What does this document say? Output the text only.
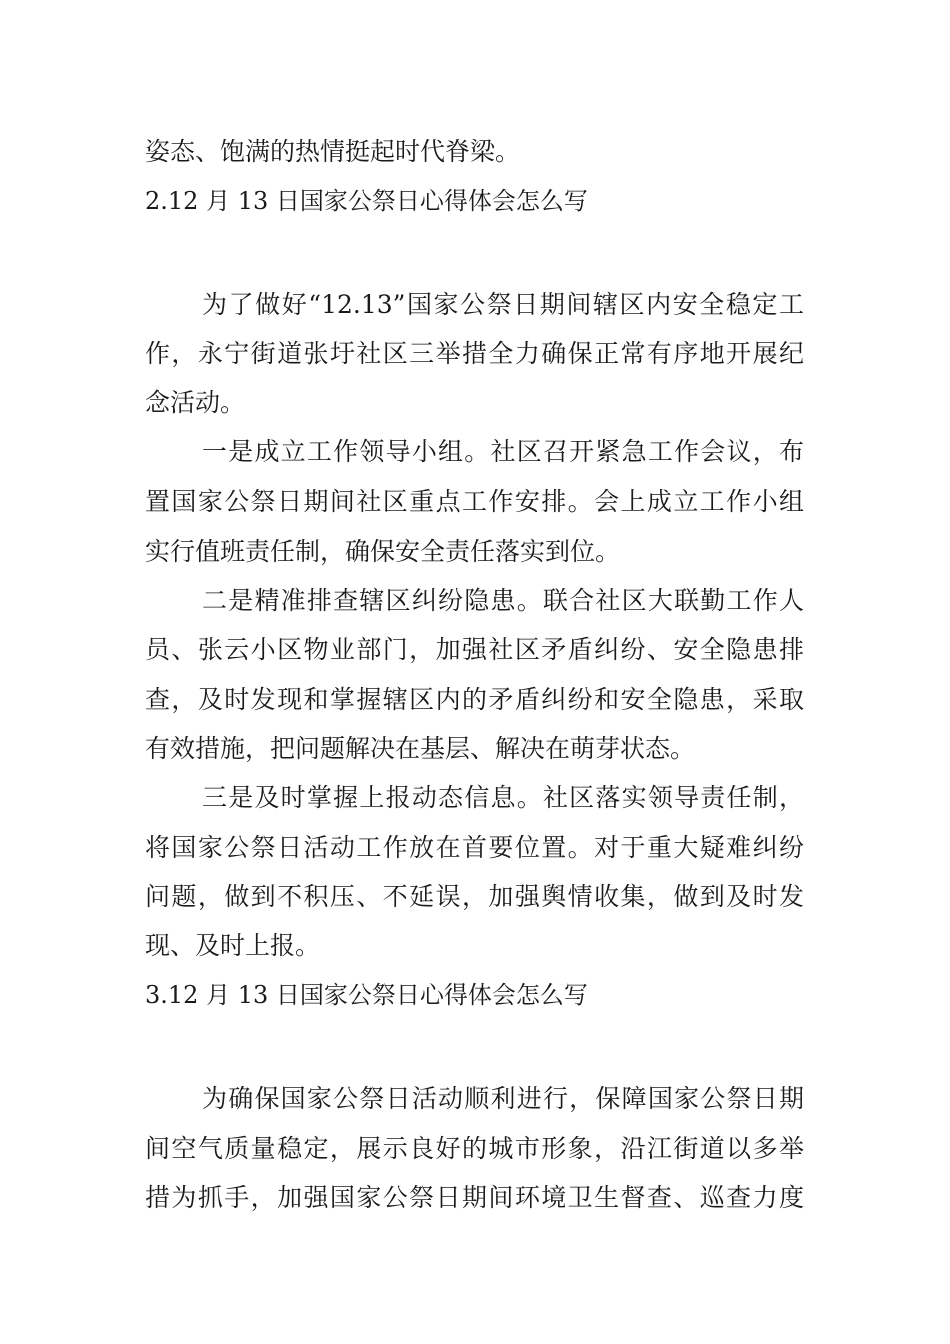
姿态、饱满的热情挺起时代脊梁。
2.12 月 13 日国家公祭日心得体会怎么写
为了做好“12.13”国家公祭日期间辖区内安全稳定工
作，永宁街道张圩社区三举措全力确保正常有序地开展纪
念活动。
一是成立工作领导小组。社区召开紧急工作会议，布
置国家公祭日期间社区重点工作安排。会上成立工作小组
实行值班责任制，确保安全责任落实到位。
二是精准排查辖区纠纷隐患。联合社区大联勤工作人
员、张云小区物业部门，加强社区矛盾纠纷、安全隐患排
查，及时发现和掌握辖区内的矛盾纠纷和安全隐患，采取
有效措施，把问题解决在基层、解决在萌芽状态。
三是及时掌握上报动态信息。社区落实领导责任制，
将国家公祭日活动工作放在首要位置。对于重大疑难纠纷
问题，做到不积压、不延误，加强舆情收集，做到及时发
现、及时上报。
3.12 月 13 日国家公祭日心得体会怎么写
为确保国家公祭日活动顺利进行，保障国家公祭日期
间空气质量稳定，展示良好的城市形象，沿江街道以多举
措为抓手，加强国家公祭日期间环境卫生督查、巡查力度
